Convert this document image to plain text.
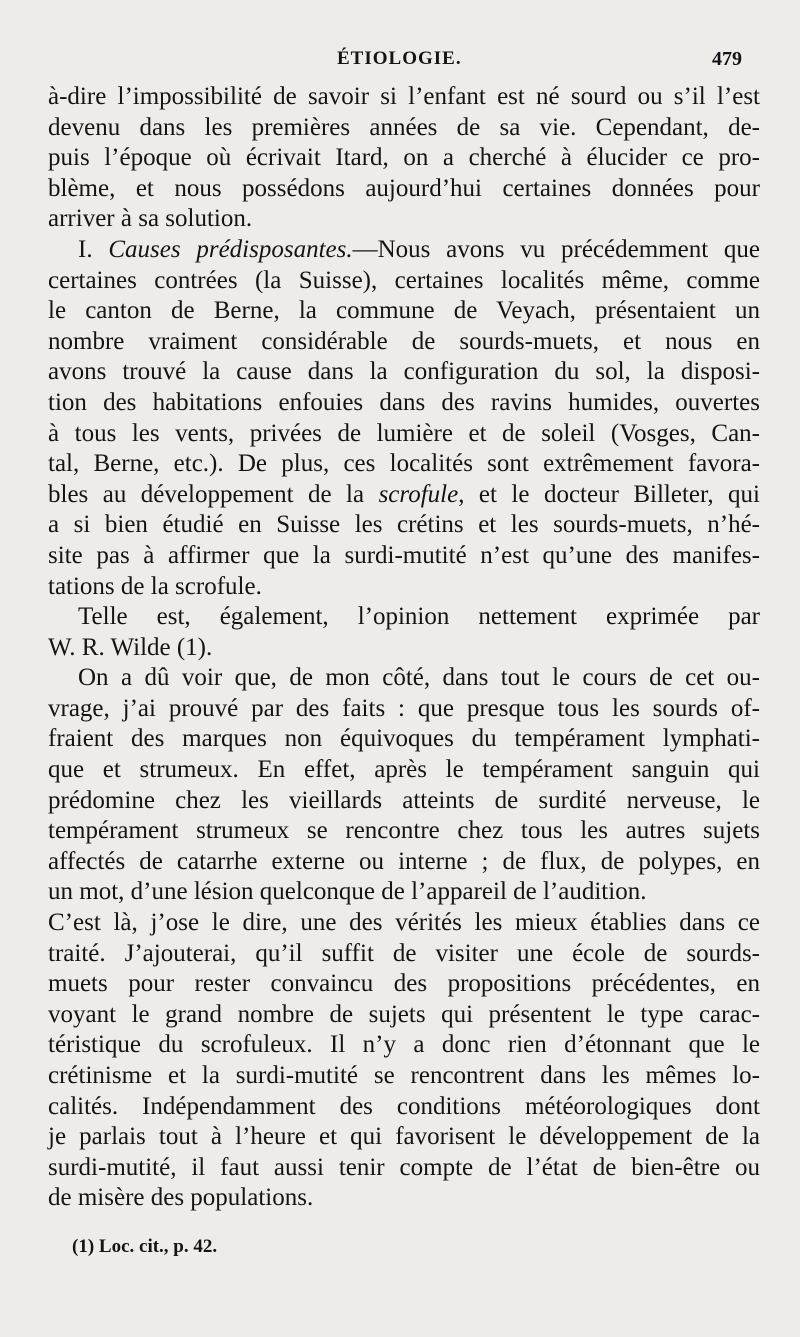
ÉTIOLOGIE.	479

à-dire l’impossibilité de savoir si l’enfant est né sourd ou s’il l’est
devenu dans les premières années de sa vie. Cependant, de-
puis l’époque où écrivait Itard, on a cherché à élucider ce pro-
blème, et nous possédons aujourd’hui certaines données pour
arriver à sa solution.

I. Causes prédisposantes.—Nous avons vu précédemment que
certaines contrées (la Suisse), certaines localités même, comme
le canton de Berne, la commune de Veyach, présentaient un
nombre vraiment considérable de sourds-muets, et nous en
avons trouvé la cause dans la configuration du sol, la disposi-
tion des habitations enfouies dans des ravins humides, ouvertes
à tous les vents, privées de lumière et de soleil (Vosges, Can-
tal, Berne, etc.). De plus, ces localités sont extrêmement favora-
bles au développement de la scrofule, et le docteur Billeter, qui
a si bien étudié en Suisse les crétins et les sourds-muets, n’hé-
site pas à affirmer que la surdi-mutité n’est qu’une des manifes-
tations de la scrofule.

Telle est, également, l’opinion nettement exprimée par
W. R. Wilde (1).

On a dû voir que, de mon côté, dans tout le cours de cet ou-
vrage, j’ai prouvé par des faits : que presque tous les sourds of-
fraient des marques non équivoques du tempérament lymphati-
que et strumeux. En effet, après le tempérament sanguin qui
prédomine chez les vieillards atteints de surdité nerveuse, le
tempérament strumeux se rencontre chez tous les autres sujets
affectés de catarrhe externe ou interne ; de flux, de polypes, en
un mot, d’une lésion quelconque de l’appareil de l’audition.
C’est là, j’ose le dire, une des vérités les mieux établies dans ce
traité. J’ajouterai, qu’il suffit de visiter une école de sourds-
muets pour rester convaincu des propositions précédentes, en
voyant le grand nombre de sujets qui présentent le type carac-
téristique du scrofuleux. Il n’y a donc rien d’étonnant que le
crétinisme et la surdi-mutité se rencontrent dans les mêmes lo-
calités. Indépendamment des conditions météorologiques dont
je parlais tout à l’heure et qui favorisent le développement de la
surdi-mutité, il faut aussi tenir compte de l’état de bien-être ou
de misère des populations.

(1) Loc. cit., p. 42.
